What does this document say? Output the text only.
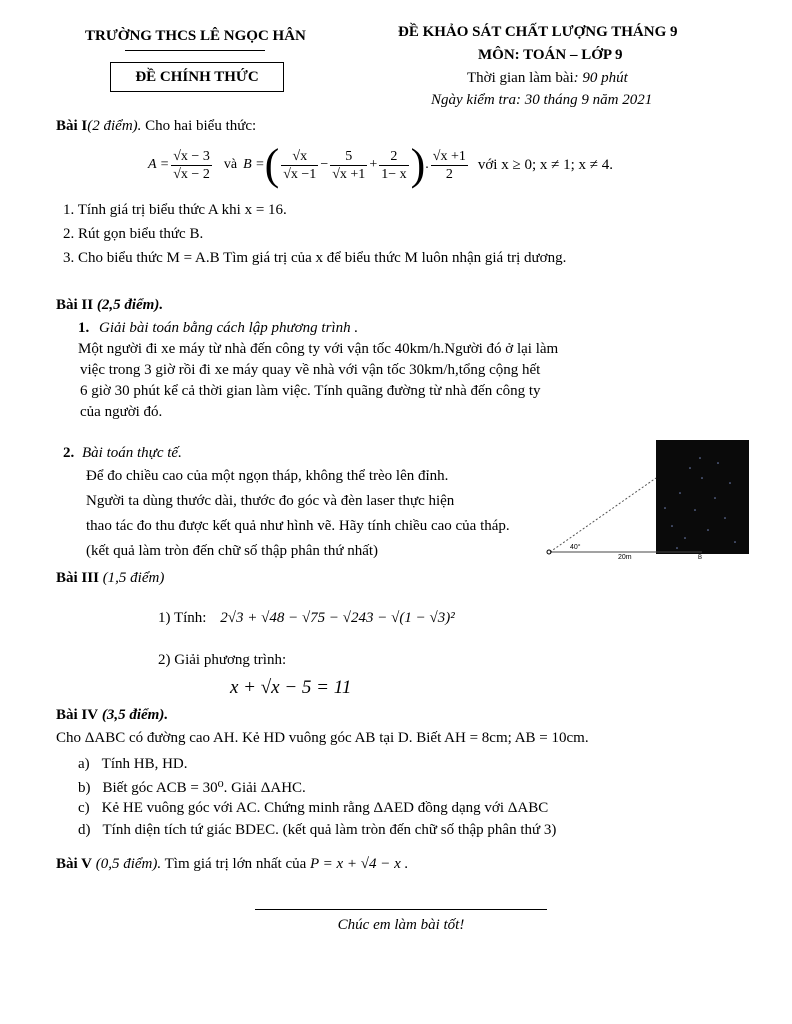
TRƯỜNG THCS LÊ NGỌC HÂN
ĐỀ CHÍNH THỨC
ĐỀ KHẢO SÁT CHẤT LƯỢNG THÁNG 9
MÔN: TOÁN – LỚP 9
Thời gian làm bài: 90 phút
Ngày kiểm tra: 30 tháng 9 năm 2021
Bài I(2 điểm). Cho hai biểu thức:
$A = \frac{√x - 3}{√x - 2}$ và B = ( $\frac{√x}{√x -1} - \frac{5}{√x +1} + \frac{2}{1- x}$ ) . $\frac{√x +1}{2}$ với x ≥ 0; x ≠ 1; x ≠ 4.
1. Tính giá trị biểu thức A khi x = 16.
2. Rút gọn biểu thức B.
3. Cho biểu thức M = A.B Tìm giá trị của x để biểu thức M luôn nhận giá trị dương.
Bài II (2,5 điểm).
1. Giải bài toán bằng cách lập phương trình .
Một người đi xe máy từ nhà đến công ty với vận tốc 40km/h.Người đó ở lại làm
việc trong 3 giờ rồi đi xe máy quay về nhà với vận tốc 30km/h,tổng cộng hết
6 giờ 30 phút kể cả thời gian làm việc. Tính quãng đường từ nhà đến công ty
của người đó.
2. Bài toán thực tế.
Để đo chiều cao của một ngọn tháp, không thể trèo lên đỉnh.
Người ta dùng thước dài, thước đo góc và đèn laser thực hiện
thao tác đo thu được kết quả như hình vẽ. Hãy tính chiều cao của tháp.
(kết quả làm tròn đến chữ số thập phân thứ nhất)	40°
20m	B
Bài III (1,5 điểm)
1) Tính: 2√3 + √48 − √75 − √243 − √(1 − √3)²
2) Giải phương trình:
x + √x − 5 = 11
Bài IV (3,5 điểm).
Cho ΔABC có đường cao AH. Kẻ HD vuông góc AB tại D. Biết AH = 8cm; AB = 10cm.
a) Tính HB, HD.
b) Biết góc ACB = 30⁰. Giải ΔAHC.
c) Kẻ HE vuông góc với AC. Chứng minh rằng ΔAED đồng dạng với ΔABC
d) Tính diện tích tứ giác BDEC. (kết quả làm tròn đến chữ số thập phân thứ 3)
Bài V (0,5 điểm). Tìm giá trị lớn nhất của P = x + √4 − x .
Chúc em làm bài tốt!
